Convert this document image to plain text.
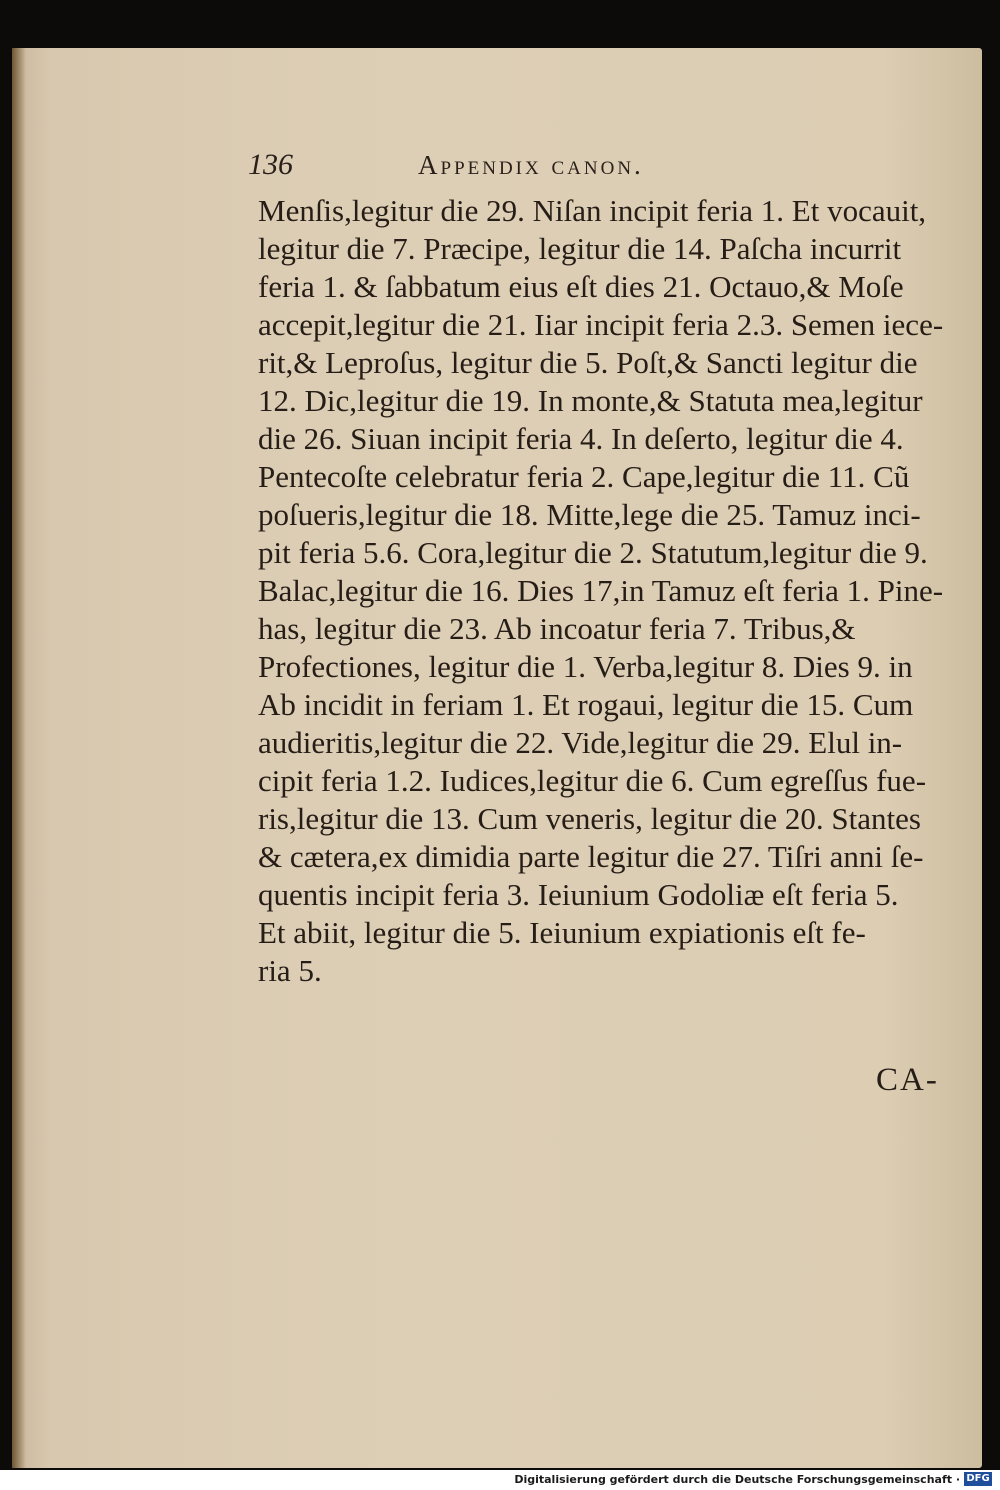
136	Appendix canon.
Menſis,legitur die 29. Niſan incipit feria 1. Et vocauit,
legitur die 7. Præcipe, legitur die 14. Paſcha incurrit
feria 1. & ſabbatum eius eſt dies 21. Octauo,& Moſe
accepit,legitur die 21. Iiar incipit feria 2.3. Semen iece-
rit,& Leproſus, legitur die 5. Poſt,& Sancti legitur die
12. Dic,legitur die 19. In monte,& Statuta mea,legitur
die 26. Siuan incipit feria 4. In deſerto, legitur die 4.
Pentecoſte celebratur feria 2. Cape,legitur die 11. Cũ
poſueris,legitur die 18. Mitte,lege die 25. Tamuz inci-
pit feria 5.6. Cora,legitur die 2. Statutum,legitur die 9.
Balac,legitur die 16. Dies 17,in Tamuz eſt feria 1. Pine-
has, legitur die 23. Ab incoatur feria 7. Tribus,&
Profectiones, legitur die 1. Verba,legitur 8. Dies 9. in
Ab incidit in feriam 1. Et rogaui, legitur die 15. Cum
audieritis,legitur die 22. Vide,legitur die 29. Elul in-
cipit feria 1.2. Iudices,legitur die 6. Cum egreſſus fue-
ris,legitur die 13. Cum veneris, legitur die 20. Stantes
& cætera,ex dimidia parte legitur die 27. Tiſri anni ſe-
quentis incipit feria 3. Ieiunium Godoliæ eſt feria 5.
Et abiit, legitur die 5. Ieiunium expiationis eſt fe-
ria 5.
CA-
Digitalisierung gefördert durch die Deutsche Forschungsgemeinschaft · DFG
